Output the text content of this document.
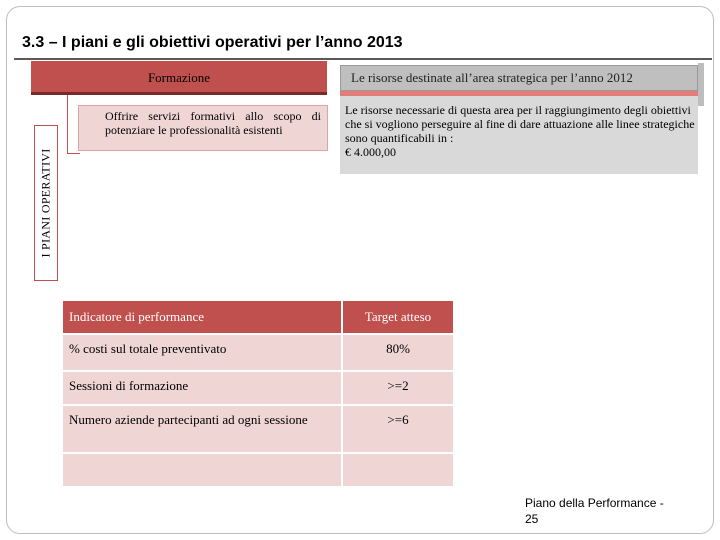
3.3 – I piani e gli obiettivi operativi per l’anno 2013
I PIANI OPERATIVI
Formazione
Offrire servizi formativi allo scopo di potenziare le professionalità esistenti
Le risorse destinate all’area strategica per l’anno 2012
Le risorse necessarie di questa area per il raggiungimento degli obiettivi che si vogliono perseguire al fine di dare attuazione alle linee strategiche sono quantificabili in :
€ 4.000,00
Indicatore di performance	Target atteso
% costi sul totale preventivato	80%
Sessioni di formazione	>=2
Numero aziende partecipanti ad ogni sessione	>=6

Piano della Performance -
25
